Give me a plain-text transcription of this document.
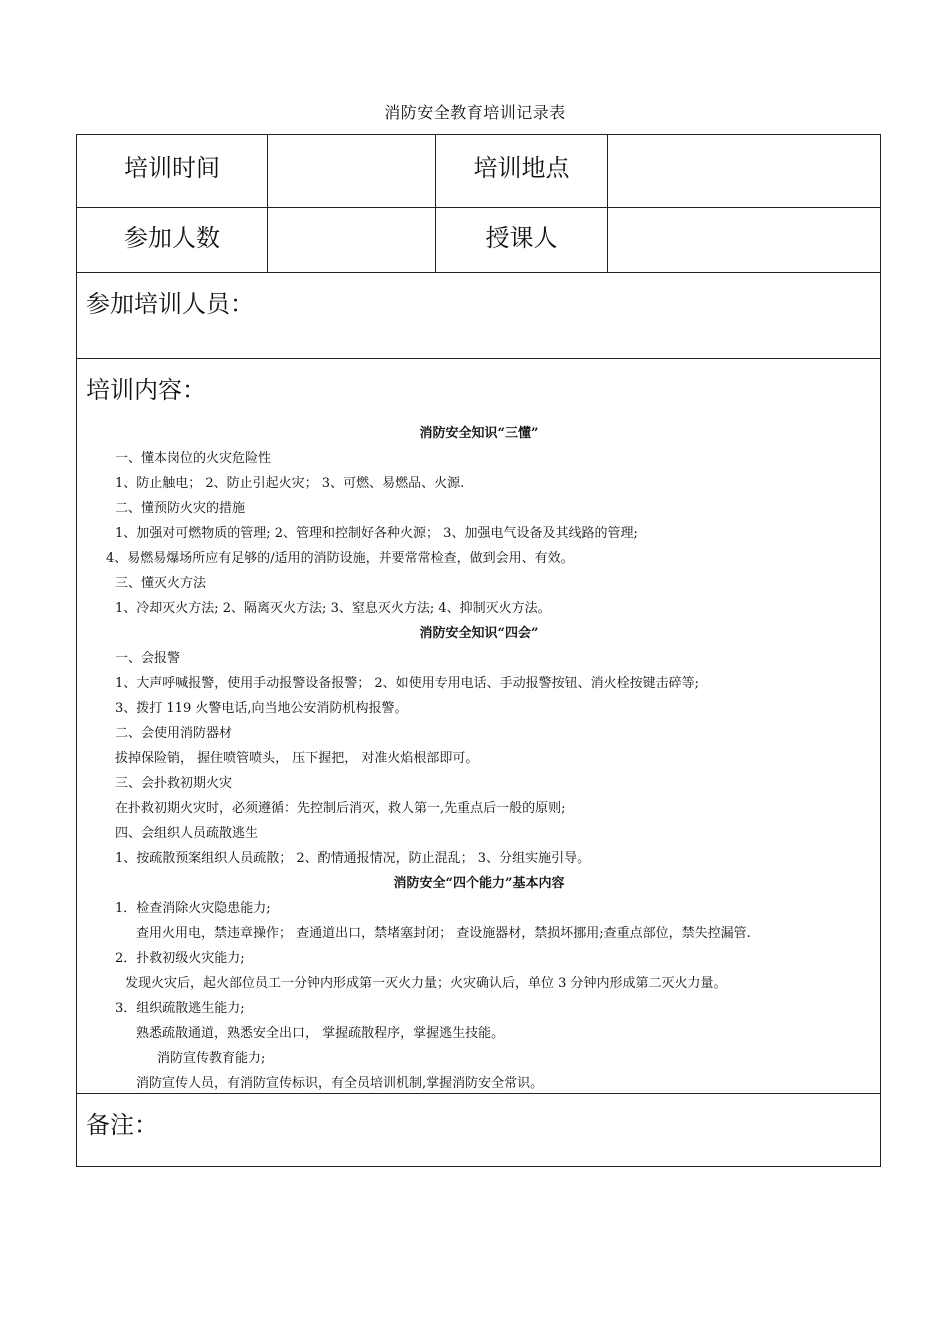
消防安全教育培训记录表
培训时间	培训地点
参加人数	授课人
参加培训人员：
培训内容：
消防安全知识“三懂”
一、懂本岗位的火灾危险性
1、防止触电； 2、防止引起火灾； 3、可燃、易燃品、火源.
二、懂预防火灾的措施
1、加强对可燃物质的管理; 2、管理和控制好各种火源； 3、加强电气设备及其线路的管理;
4、易燃易爆场所应有足够的/适用的消防设施，并要常常检查，做到会用、有效。
三、懂灭火方法
1、冷却灭火方法; 2、隔离灭火方法; 3、窒息灭火方法; 4、抑制灭火方法。
消防安全知识“四会”
一、会报警
1、大声呼喊报警，使用手动报警设备报警； 2、如使用专用电话、手动报警按钮、消火栓按键击碎等;
3、拨打 119 火警电话,向当地公安消防机构报警。
二、会使用消防器材
拔掉保险销， 握住喷管喷头， 压下握把， 对准火焰根部即可。
三、会扑救初期火灾
在扑救初期火灾时，必须遵循：先控制后消灭，救人第一,先重点后一般的原则;
四、会组织人员疏散逃生
1、按疏散预案组织人员疏散； 2、酌情通报情况，防止混乱； 3、分组实施引导。
消防安全“四个能力”基本内容
1．检查消除火灾隐患能力;
查用火用电，禁违章操作； 查通道出口，禁堵塞封闭； 查设施器材，禁损坏挪用;查重点部位，禁失控漏管.
2．扑救初级火灾能力;
发现火灾后，起火部位员工一分钟内形成第一灭火力量；火灾确认后，单位 3 分钟内形成第二灭火力量。
3．组织疏散逃生能力;
熟悉疏散通道，熟悉安全出口， 掌握疏散程序，掌握逃生技能。
消防宣传教育能力;
消防宣传人员，有消防宣传标识，有全员培训机制,掌握消防安全常识。
备注：
